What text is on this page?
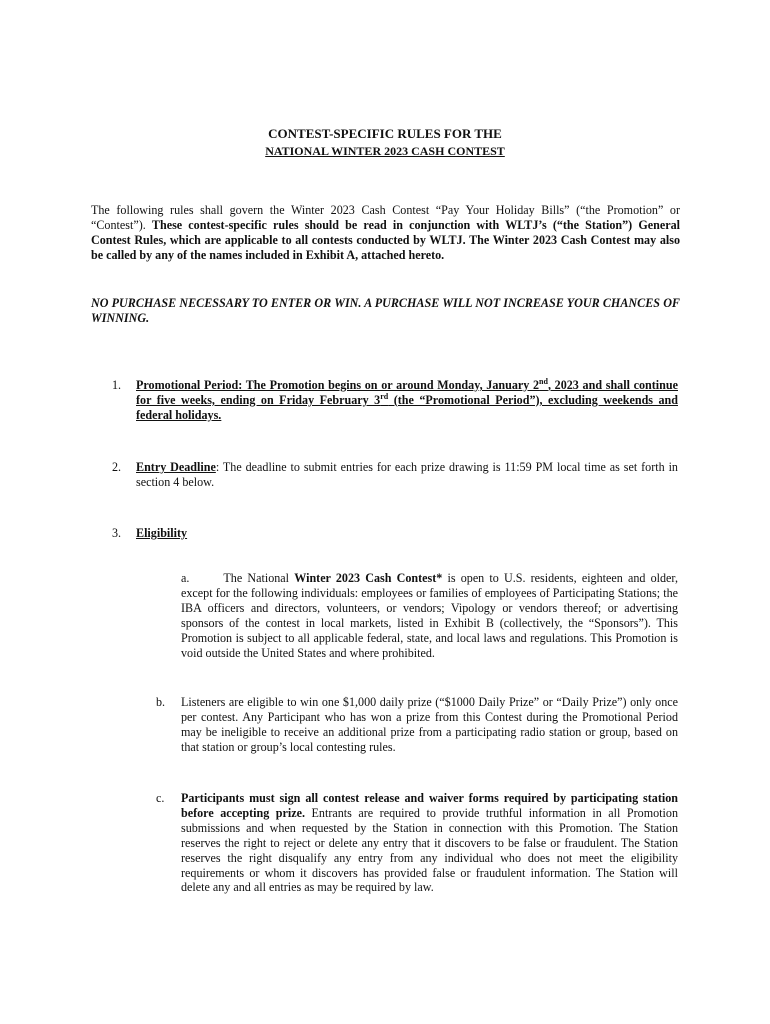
CONTEST-SPECIFIC RULES FOR THE
NATIONAL WINTER 2023 CASH CONTEST

The following rules shall govern the Winter 2023 Cash Contest “Pay Your Holiday Bills” (“the Promotion” or “Contest”). These contest-specific rules should be read in conjunction with WLTJ’s (“the Station”) General Contest Rules, which are applicable to all contests conducted by WLTJ. The Winter 2023 Cash Contest may also be called by any of the names included in Exhibit A, attached hereto.

NO PURCHASE NECESSARY TO ENTER OR WIN. A PURCHASE WILL NOT INCREASE YOUR CHANCES OF WINNING.

1. Promotional Period: The Promotion begins on or around Monday, January 2nd, 2023 and shall continue for five weeks, ending on Friday February 3rd (the “Promotional Period”), excluding weekends and federal holidays.
2. Entry Deadline: The deadline to submit entries for each prize drawing is 11:59 PM local time as set forth in section 4 below.
3. Eligibility
a.	The National Winter 2023 Cash Contest* is open to U.S. residents, eighteen and older, except for the following individuals: employees or families of employees of Participating Stations; the IBA officers and directors, volunteers, or vendors; Vipology or vendors thereof; or advertising sponsors of the contest in local markets, listed in Exhibit B (collectively, the “Sponsors”). This Promotion is subject to all applicable federal, state, and local laws and regulations. This Promotion is void outside the United States and where prohibited.
b. Listeners are eligible to win one $1,000 daily prize (“$1000 Daily Prize” or “Daily Prize”) only once per contest. Any Participant who has won a prize from this Contest during the Promotional Period may be ineligible to receive an additional prize from a participating radio station or group, based on that station or group’s local contesting rules.
c. Participants must sign all contest release and waiver forms required by participating station before accepting prize. Entrants are required to provide truthful information in all Promotion submissions and when requested by the Station in connection with this Promotion. The Station reserves the right to reject or delete any entry that it discovers to be false or fraudulent. The Station reserves the right disqualify any entry from any individual who does not meet the eligibility requirements or whom it discovers has provided false or fraudulent information. The Station will delete any and all entries as may be required by law.
